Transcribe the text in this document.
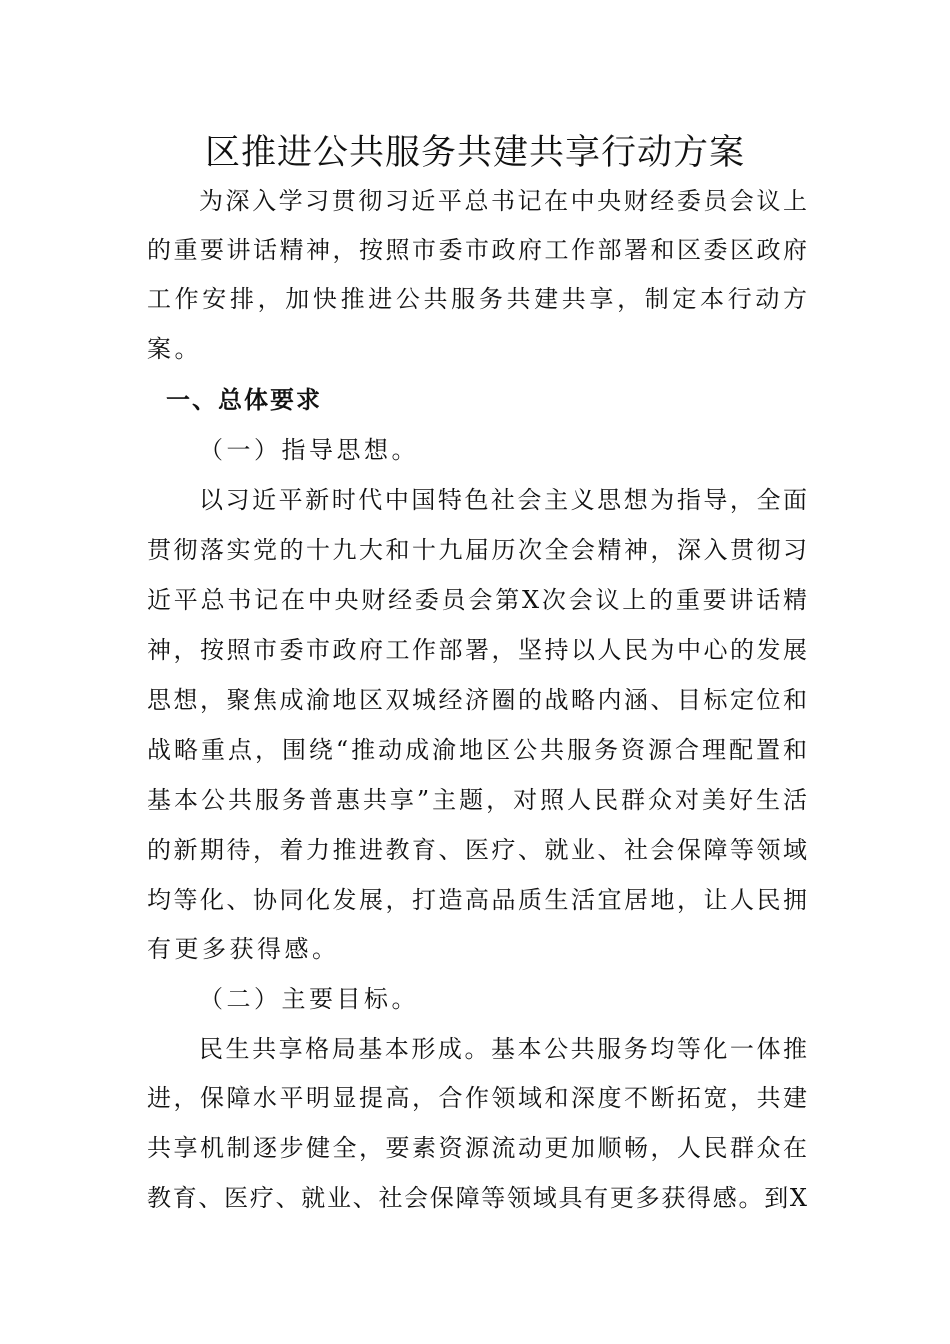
区推进公共服务共建共享行动方案

为深入学习贯彻习近平总书记在中央财经委员会议上

的重要讲话精神，按照市委市政府工作部署和区委区政府

工作安排，加快推进公共服务共建共享，制定本行动方

案。

一、总体要求

（一）指导思想。

以习近平新时代中国特色社会主义思想为指导，全面

贯彻落实党的十九大和十九届历次全会精神，深入贯彻习

近平总书记在中央财经委员会第X次会议上的重要讲话精

神，按照市委市政府工作部署，坚持以人民为中心的发展

思想，聚焦成渝地区双城经济圈的战略内涵、目标定位和

战略重点，围绕“推动成渝地区公共服务资源合理配置和

基本公共服务普惠共享”主题，对照人民群众对美好生活

的新期待，着力推进教育、医疗、就业、社会保障等领域

均等化、协同化发展，打造高品质生活宜居地，让人民拥

有更多获得感。

（二）主要目标。

民生共享格局基本形成。基本公共服务均等化一体推

进，保障水平明显提高，合作领域和深度不断拓宽，共建

共享机制逐步健全，要素资源流动更加顺畅，人民群众在

教育、医疗、就业、社会保障等领域具有更多获得感。到X
